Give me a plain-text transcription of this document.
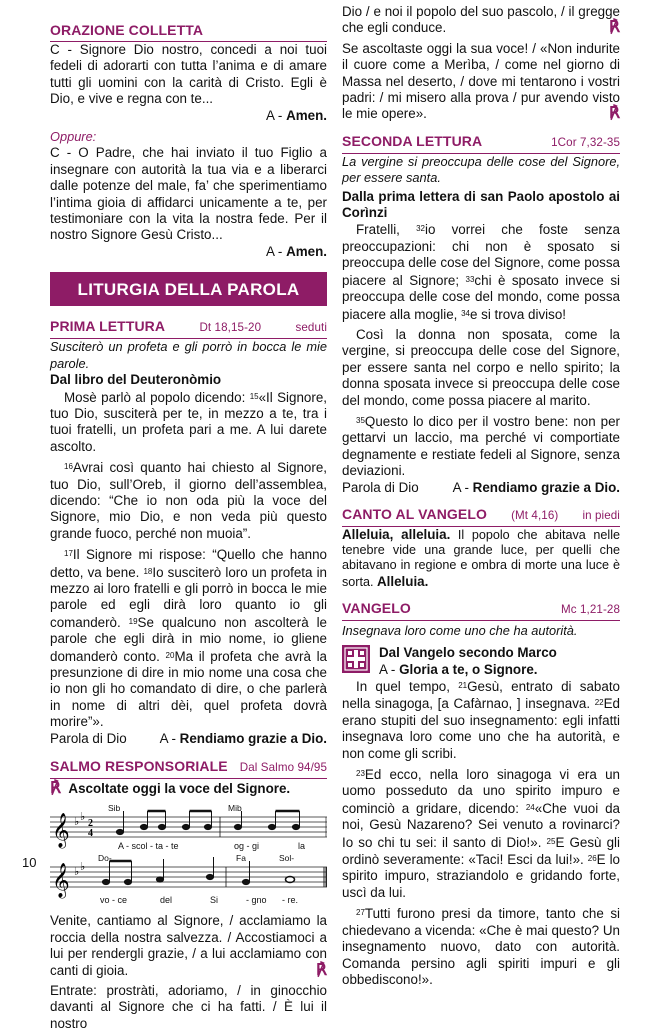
ORAZIONE COLLETTA

C - Signore Dio nostro, concedi a noi tuoi fedeli di adorarti con tutta l’anima e di amare tutti gli uomini con la carità di Cristo. Egli è Dio, e vive e regna con te...

A - Amen.
Oppure:

C - O Padre, che hai inviato il tuo Figlio a insegnare con autorità la tua via e a liberarci dalle potenze del male, fa’ che sperimentiamo l’intima gioia di affidarci unicamente a te, per testimoniare con la vita la nostra fede. Per il nostro Signore Gesù Cristo...

A - Amen.
LITURGIA DELLA PAROLA
PRIMA LETTURA	Dt 18,15-20	seduti

Susciterò un profeta e gli porrò in bocca le mie parole.

Dal libro del Deuteronòmio

Mosè parlò al popolo dicendo: $^{15}$«Il Signore, tuo Dio, susciterà per te, in mezzo a te, tra i tuoi fratelli, un profeta pari a me. A lui darete ascolto.

$^{16}$Avrai così quanto hai chiesto al Signore, tuo Dio, sull’Oreb, il giorno dell’assemblea, dicendo: “Che io non oda più la voce del Signore, mio Dio, e non veda più questo grande fuoco, perché non muoia”.

$^{17}$Il Signore mi rispose: “Quello che hanno detto, va bene. $^{18}$Io susciterò loro un profeta in mezzo ai loro fratelli e gli porrò in bocca le mie parole ed egli dirà loro quanto io gli comanderò. $^{19}$Se qualcuno non ascolterà le parole che egli dirà in mio nome, io gliene domanderò conto. $^{20}$Ma il profeta che avrà la presunzione di dire in mio nome una cosa che io non gli ho comandato di dire, o che parlerà in nome di altri dèi, quel profeta dovrà morire”».

Parola di Dio A - Rendiamo grazie a Dio.
SALMO RESPONSORIALE Dal Salmo 94/95

℟ Ascoltate oggi la voce del Signore.

Sib	Mib
𝄞 ♭ ♭
2
4
A - scol - ta - te	og - gi	la
Do-	Fa	Sol-
𝄞 ♭ ♭
vo - ce	del	Si	- gno - re.

Venite, cantiamo al Signore, / acclamiamo la roccia della nostra salvezza. / Accostiamoci a lui per rendergli grazie, / a lui acclamiamo con canti di gioia.	℟

Entrate: prostràti, adoriamo, / in ginocchio davanti al Signore che ci ha fatti. / È lui il nostro

10

Dio / e noi il popolo del suo pascolo, / il gregge che egli conduce.	℟

Se ascoltaste oggi la sua voce! / «Non indurite il cuore come a Merìba, / come nel giorno di Massa nel deserto, / dove mi tentarono i vostri padri: / mi misero alla prova / pur avendo visto le mie opere».	℟

SECONDA LETTURA	1Cor 7,32-35

La vergine si preoccupa delle cose del Signore, per essere santa.

Dalla prima lettera di san Paolo apostolo ai Corìnzi

Fratelli, $^{32}$io vorrei che foste senza preoccupazioni: chi non è sposato si preoccupa delle cose del Signore, come possa piacere al Signore; $^{33}$chi è sposato invece si preoccupa delle cose del mondo, come possa piacere alla moglie, $^{34}$e si trova diviso!

Così la donna non sposata, come la vergine, si preoccupa delle cose del Signore, per essere santa nel corpo e nello spirito; la donna sposata invece si preoccupa delle cose del mondo, come possa piacere al marito.

$^{35}$Questo lo dico per il vostro bene: non per gettarvi un laccio, ma perché vi comportiate degnamente e restiate fedeli al Signore, senza deviazioni.

Parola di Dio	A - Rendiamo grazie a Dio.
CANTO AL VANGELO (Mt 4,16) in piedi

Alleluia, alleluia. Il popolo che abitava nelle tenebre vide una grande luce, per quelli che abitavano in regione e ombra di morte una luce è sorta. Alleluia.

VANGELO	Mc 1,21-28

Insegnava loro come uno che ha autorità.

Dal Vangelo secondo Marco

A - Gloria a te, o Signore.

In quel tempo, $^{21}$Gesù, entrato di sabato nella sinagoga, [a Cafàrnao, ] insegnava. $^{22}$Ed erano stupiti del suo insegnamento: egli infatti insegnava loro come uno che ha autorità, e non come gli scribi.

$^{23}$Ed ecco, nella loro sinagoga vi era un uomo posseduto da uno spirito impuro e cominciò a gridare, dicendo: $^{24}$«Che vuoi da noi, Gesù Nazareno? Sei venuto a rovinarci? Io so chi tu sei: il santo di Dio!». $^{25}$E Gesù gli ordinò severamente: «Taci! Esci da lui!». $^{26}$E lo spirito impuro, straziandolo e gridando forte, uscì da lui.

$^{27}$Tutti furono presi da timore, tanto che si chiedevano a vicenda: «Che è mai questo? Un insegnamento nuovo, dato con autorità. Comanda persino agli spiriti impuri e gli obbediscono!».
